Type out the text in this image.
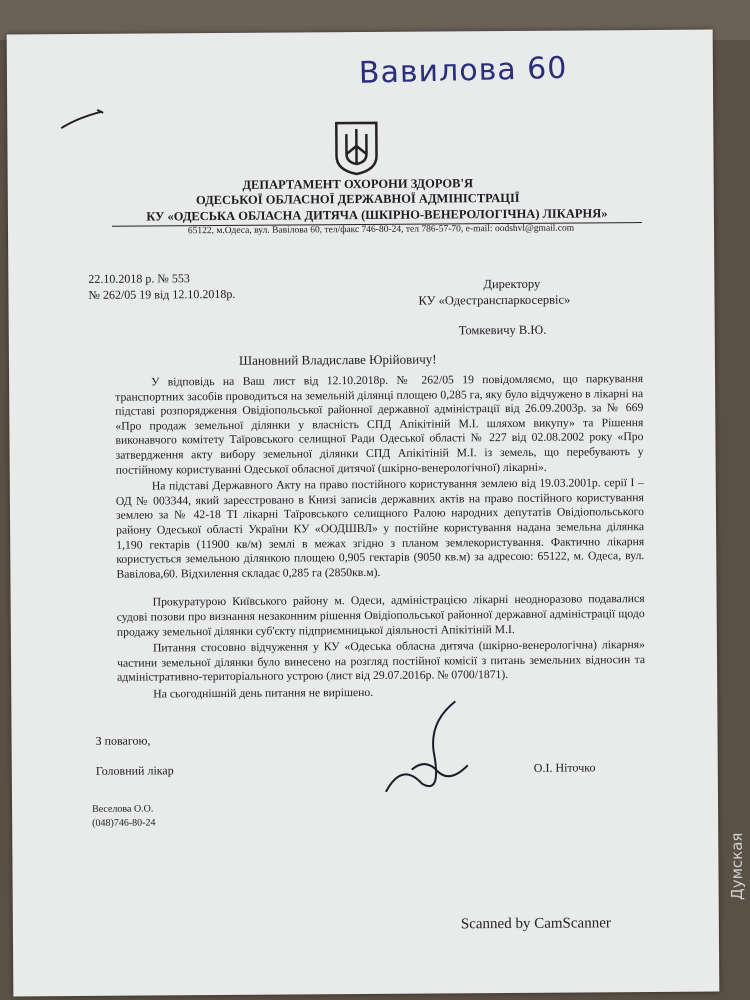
Вавилова 60
ДЕПАРТАМЕНТ ОХОРОНИ ЗДОРОВ'Я
ОДЕСЬКОЇ ОБЛАСНОЇ ДЕРЖАВНОЇ АДМІНІСТРАЦІЇ
КУ «ОДЕСЬКА ОБЛАСНА ДИТЯЧА (ШКІРНО-ВЕНЕРОЛОГІЧНА) ЛІКАРНЯ»
65122, м.Одеса, вул. Вавілова 60, тел/факс 746-80-24, тел 786-57-70, e-mail: oodshvl@gmail.com
22.10.2018 р. № 553
№ 262/05 19 від 12.10.2018р.
Директору
КУ «Одестранспаркосервіс»
Томкевичу В.Ю.
Шановний Владиславе Юрійовичу!

У відповідь на Ваш лист від 12.10.2018р. № 262/05 19 повідомляємо, що паркування транспортних засобів проводиться на земельній ділянці площею 0,285 га, яку було відчужено в лікарні на підставі розпорядження Овідіопольської районної державної адміністрації від 26.09.2003р. за № 669 «Про продаж земельної ділянки у власність СПД Апікітіній М.І. шляхом викупу» та Рішення виконавчого комітету Таїровського селищної Ради Одеської області № 227 від 02.08.2002 року «Про затвердження акту вибору земельної ділянки СПД Апікітіній М.І. із земель, що перебувають у постійному користуванні Одеської обласної дитячої (шкірно-венерологічної) лікарні».

На підставі Державного Акту на право постійного користування землею від 19.03.2001р. серії І – ОД № 003344, який зареєстровано в Книзі записів державних актів на право постійного користування землею за № 42-18 ТІ лікарні Таїровського селищного Ралою народних депутатів Овідіопольського району Одеської області України КУ «ООДШВЛ» у постійне користування надана земельна ділянка 1,190 гектарів (11900 кв/м) землі в межах згідно з планом землекористування. Фактично лікарня користується земельною ділянкою площею 0,905 гектарів (9050 кв.м) за адресою: 65122, м. Одеса, вул. Вавілова,60. Відхилення складає 0,285 га (2850кв.м).

Прокуратурою Київського району м. Одеси, адміністрацією лікарні неодноразово подавалися судові позови про визнання незаконним рішення Овідіопольської районної державної адміністрації щодо продажу земельної ділянки суб'єкту підприємницької діяльності Апікітіній М.І.

Питання стосовно відчуження у КУ «Одеська обласна дитяча (шкірно-венерологічна) лікарня» частини земельної ділянки було винесено на розгляд постійної комісії з питань земельних відносин та адміністративно-територіального устрою (лист від 29.07.2016р. № 0700/1871).

На сьогоднішній день питання не вирішено.

З повагою,
Головний лікар	О.І. Ніточко
Веселова О.О.
(048)746-80-24
Scanned by CamScanner
Думская
